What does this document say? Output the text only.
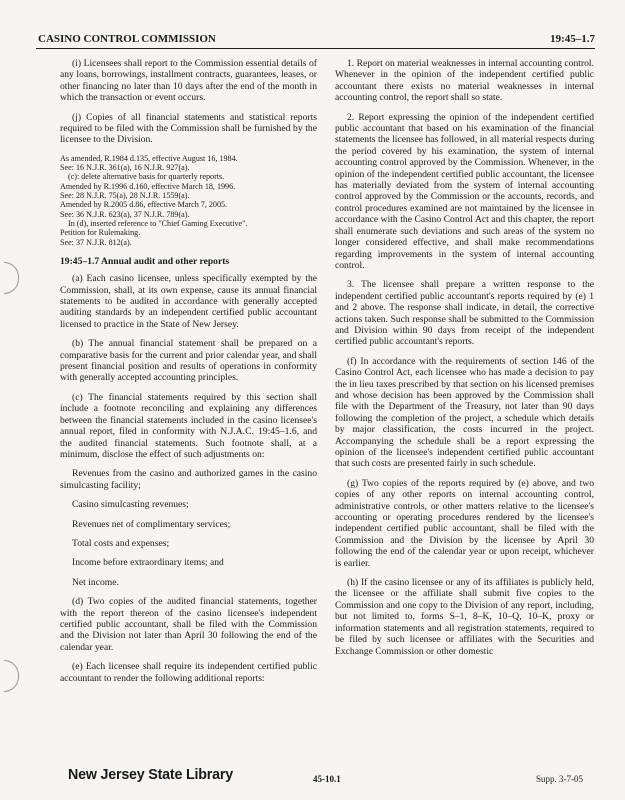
CASINO CONTROL COMMISSION	19:45–1.7

(i) Licensees shall report to the Commission essential details of any loans, borrowings, installment contracts, guarantees, leases, or other financing no later than 10 days after the end of the month in which the transaction or event occurs.

(j) Copies of all financial statements and statistical reports required to be filed with the Commission shall be furnished by the licensee to the Division.

As amended, R.1984 d.135, effective August 16, 1984.
See: 16 N.J.R. 361(a), 16 N.J.R. 927(a).
(c): delete alternative basis for quarterly reports.
Amended by R.1996 d.160, effective March 18, 1996.
See: 28 N.J.R. 75(a), 28 N.J.R. 1559(a).
Amended by R.2005 d.86, effective March 7, 2005.
See: 36 N.J.R. 623(a), 37 N.J.R. 789(a).
In (d), inserted reference to "Chief Gaming Executive".
Petition for Rulemaking.
See: 37 N.J.R. 812(a).
19:45–1.7 Annual audit and other reports

(a) Each casino licensee, unless specifically exempted by the Commission, shall, at its own expense, cause its annual financial statements to be audited in accordance with generally accepted auditing standards by an independent certified public accountant licensed to practice in the State of New Jersey.

(b) The annual financial statement shall be prepared on a comparative basis for the current and prior calendar year, and shall present financial position and results of operations in conformity with generally accepted accounting principles.

(c) The financial statements required by this section shall include a footnote reconciling and explaining any differences between the financial statements included in the casino licensee's annual report, filed in conformity with N.J.A.C. 19:45–1.6, and the audited financial statements. Such footnote shall, at a minimum, disclose the effect of such adjustments on:

Revenues from the casino and authorized games in the casino simulcasting facility;

Casino simulcasting revenues;

Revenues net of complimentary services;

Total costs and expenses;

Income before extraordinary items; and

Net income.

(d) Two copies of the audited financial statements, together with the report thereon of the casino licensee's independent certified public accountant, shall be filed with the Commission and the Division not later than April 30 following the end of the calendar year.

(e) Each licensee shall require its independent certified public accountant to render the following additional reports:

1. Report on material weaknesses in internal accounting control. Whenever in the opinion of the independent certified public accountant there exists no material weaknesses in internal accounting control, the report shall so state.

2. Report expressing the opinion of the independent certified public accountant that based on his examination of the financial statements the licensee has followed, in all material respects during the period covered by his examination, the system of internal accounting control approved by the Commission. Whenever, in the opinion of the independent certified public accountant, the licensee has materially deviated from the system of internal accounting control approved by the Commission or the accounts, records, and control procedures examined are not maintained by the licensee in accordance with the Casino Control Act and this chapter, the report shall enumerate such deviations and such areas of the system no longer considered effective, and shall make recommendations regarding improvements in the system of internal accounting control.

3. The licensee shall prepare a written response to the independent certified public accountant's reports required by (e) 1 and 2 above. The response shall indicate, in detail, the corrective actions taken. Such response shall be submitted to the Commission and Division within 90 days from receipt of the independent certified public accountant's reports.

(f) In accordance with the requirements of section 146 of the Casino Control Act, each licensee who has made a decision to pay the in lieu taxes prescribed by that section on his licensed premises and whose decision has been approved by the Commission shall file with the Department of the Treasury, not later than 90 days following the completion of the project, a schedule which details by major classification, the costs incurred in the project. Accompanying the schedule shall be a report expressing the opinion of the licensee's independent certified public accountant that such costs are presented fairly in such schedule.

(g) Two copies of the reports required by (e) above, and two copies of any other reports on internal accounting control, administrative controls, or other matters relative to the licensee's accounting or operating procedures rendered by the licensee's independent certified public accountant, shall be filed with the Commission and the Division by the licensee by April 30 following the end of the calendar year or upon receipt, whichever is earlier.

(h) If the casino licensee or any of its affiliates is publicly held, the licensee or the affiliate shall submit five copies to the Commission and one copy to the Division of any report, including, but not limited to, forms S–1, 8–K, 10–Q, 10–K, proxy or information statements and all registration statements, required to be filed by such licensee or affiliates with the Securities and Exchange Commission or other domestic

New Jersey State Library	45-10.1	Supp. 3-7-05
